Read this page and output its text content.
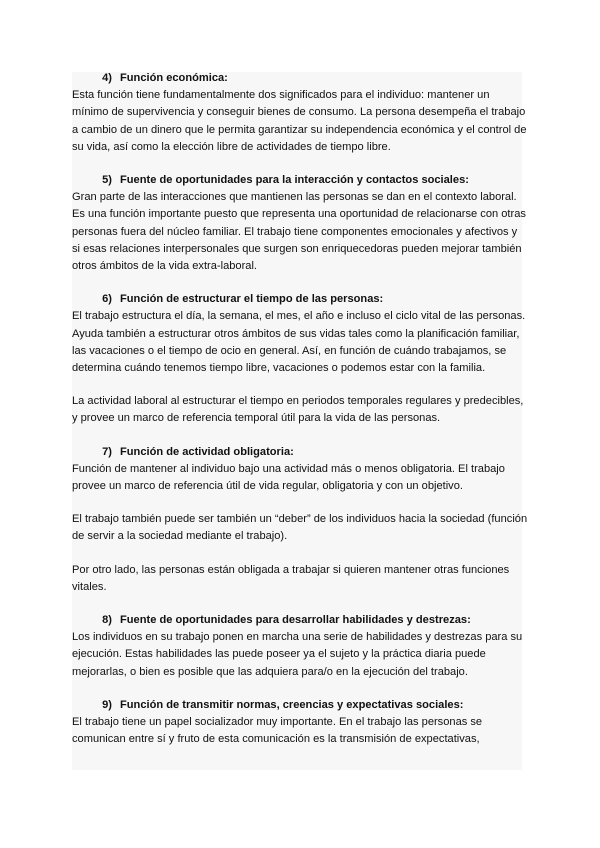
4) Función económica:

Esta función tiene fundamentalmente dos significados para el individuo: mantener un mínimo de supervivencia y conseguir bienes de consumo. La persona desempeña el trabajo a cambio de un dinero que le permita garantizar su independencia económica y el control de su vida, así como la elección libre de actividades de tiempo libre.

5) Fuente de oportunidades para la interacción y contactos sociales:

Gran parte de las interacciones que mantienen las personas se dan en el contexto laboral. Es una función importante puesto que representa una oportunidad de relacionarse con otras personas fuera del núcleo familiar. El trabajo tiene componentes emocionales y afectivos y si esas relaciones interpersonales que surgen son enriquecedoras pueden mejorar también otros ámbitos de la vida extra-laboral.

6) Función de estructurar el tiempo de las personas:

El trabajo estructura el día, la semana, el mes, el año e incluso el ciclo vital de las personas. Ayuda también a estructurar otros ámbitos de sus vidas tales como la planificación familiar, las vacaciones o el tiempo de ocio en general. Así, en función de cuándo trabajamos, se determina cuándo tenemos tiempo libre, vacaciones o podemos estar con la familia.

La actividad laboral al estructurar el tiempo en periodos temporales regulares y predecibles, y provee un marco de referencia temporal útil para la vida de las personas.

7) Función de actividad obligatoria:

Función de mantener al individuo bajo una actividad más o menos obligatoria. El trabajo provee un marco de referencia útil de vida regular, obligatoria y con un objetivo.

El trabajo también puede ser también un “deber” de los individuos hacia la sociedad (función de servir a la sociedad mediante el trabajo).

Por otro lado, las personas están obligada a trabajar si quieren mantener otras funciones vitales.

8) Fuente de oportunidades para desarrollar habilidades y destrezas:

Los individuos en su trabajo ponen en marcha una serie de habilidades y destrezas para su ejecución. Estas habilidades las puede poseer ya el sujeto y la práctica diaria puede mejorarlas, o bien es posible que las adquiera para/o en la ejecución del trabajo.

9) Función de transmitir normas, creencias y expectativas sociales:

El trabajo tiene un papel socializador muy importante. En el trabajo las personas se comunican entre sí y fruto de esta comunicación es la transmisión de expectativas,
